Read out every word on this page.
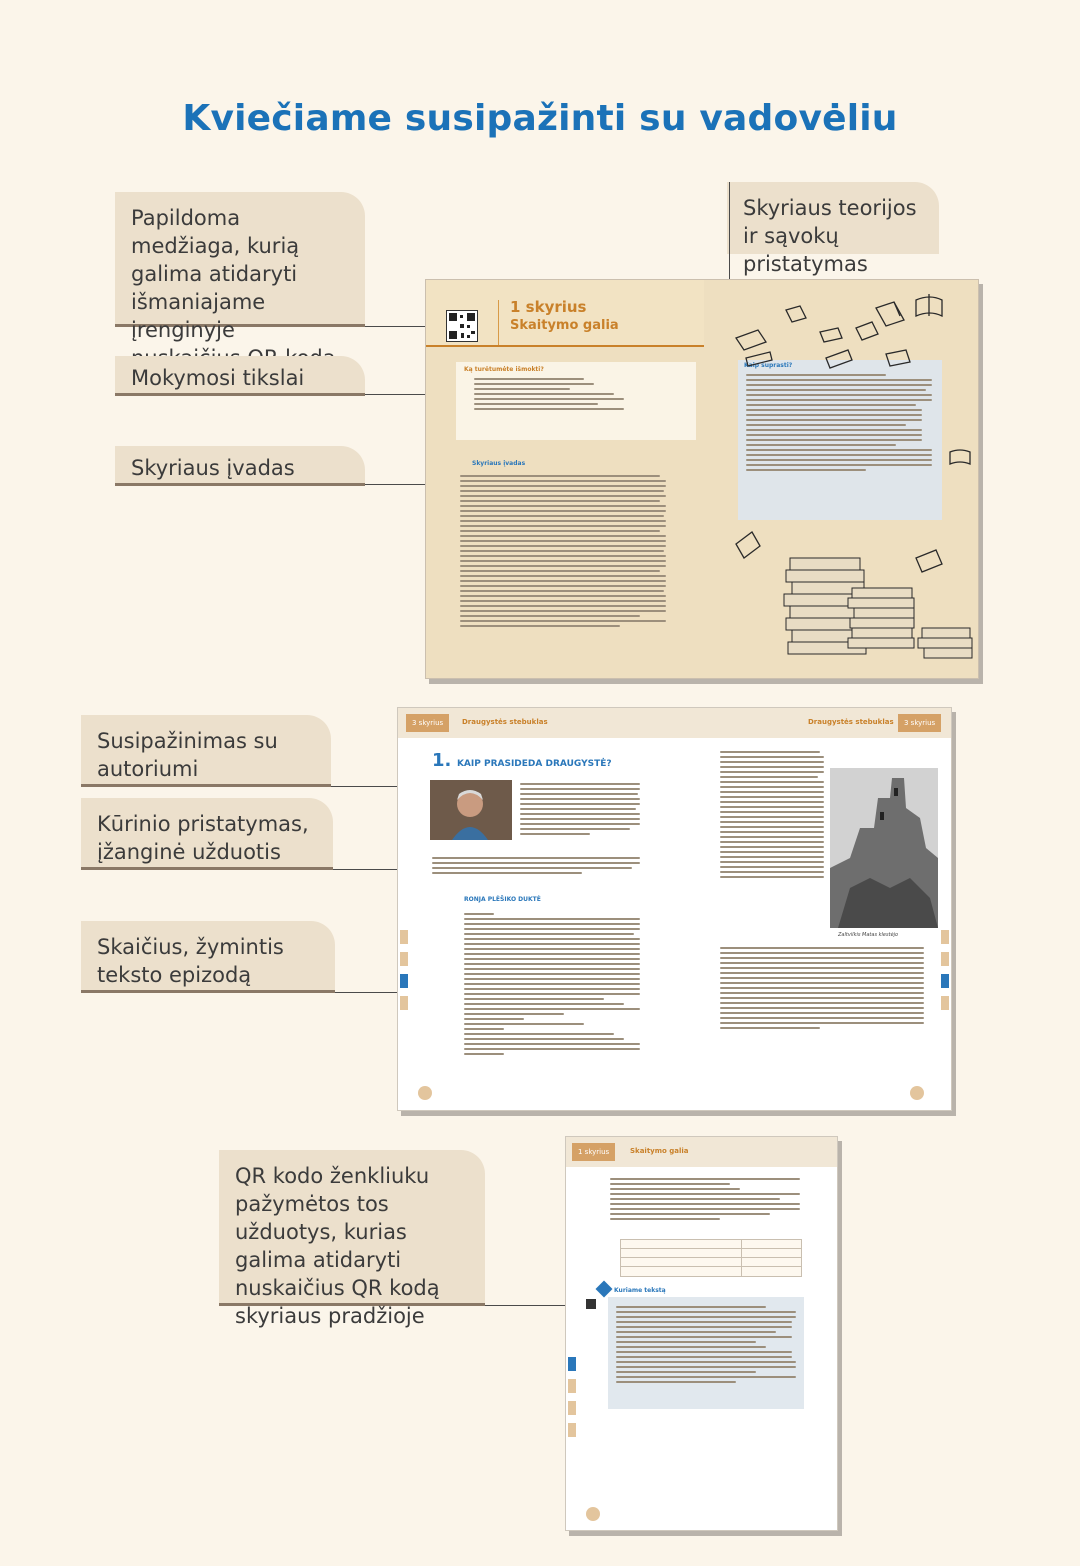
Kviečiame susipažinti su vadovėliu
Papildoma medžiaga, kurią galima atidaryti išmaniajame įrenginyje
Mokymosi tikslai
Skyriaus įvadas
Skyriaus teorijos ir sąvokų pristatymas
Susipažinimas su autoriumi
Kūrinio pristatymas, įžanginė užduotis
Skaičius, žymintis teksto epizodą
QR kodo ženkliuku pažymėtos tos užduotys, kurias galima atidaryti nuskaičius QR kodą skyriaus pradžioje
1 skyrius
Skaitymo galia
Ką turėtumėte išmokti?
Skyriaus įvadas
Kaip suprasti?
3 skyrius	Draugystės stebuklas	Draugystės stebuklas	3 skyrius
1. KAIP PRASIDEDA DRAUGYSTĖ?
RONJA PLĖŠIKO DUKTĖ
Zaltvilkis Matas klestėjo
1 skyrius	Skaitymo galia
Kuriame tekstą
